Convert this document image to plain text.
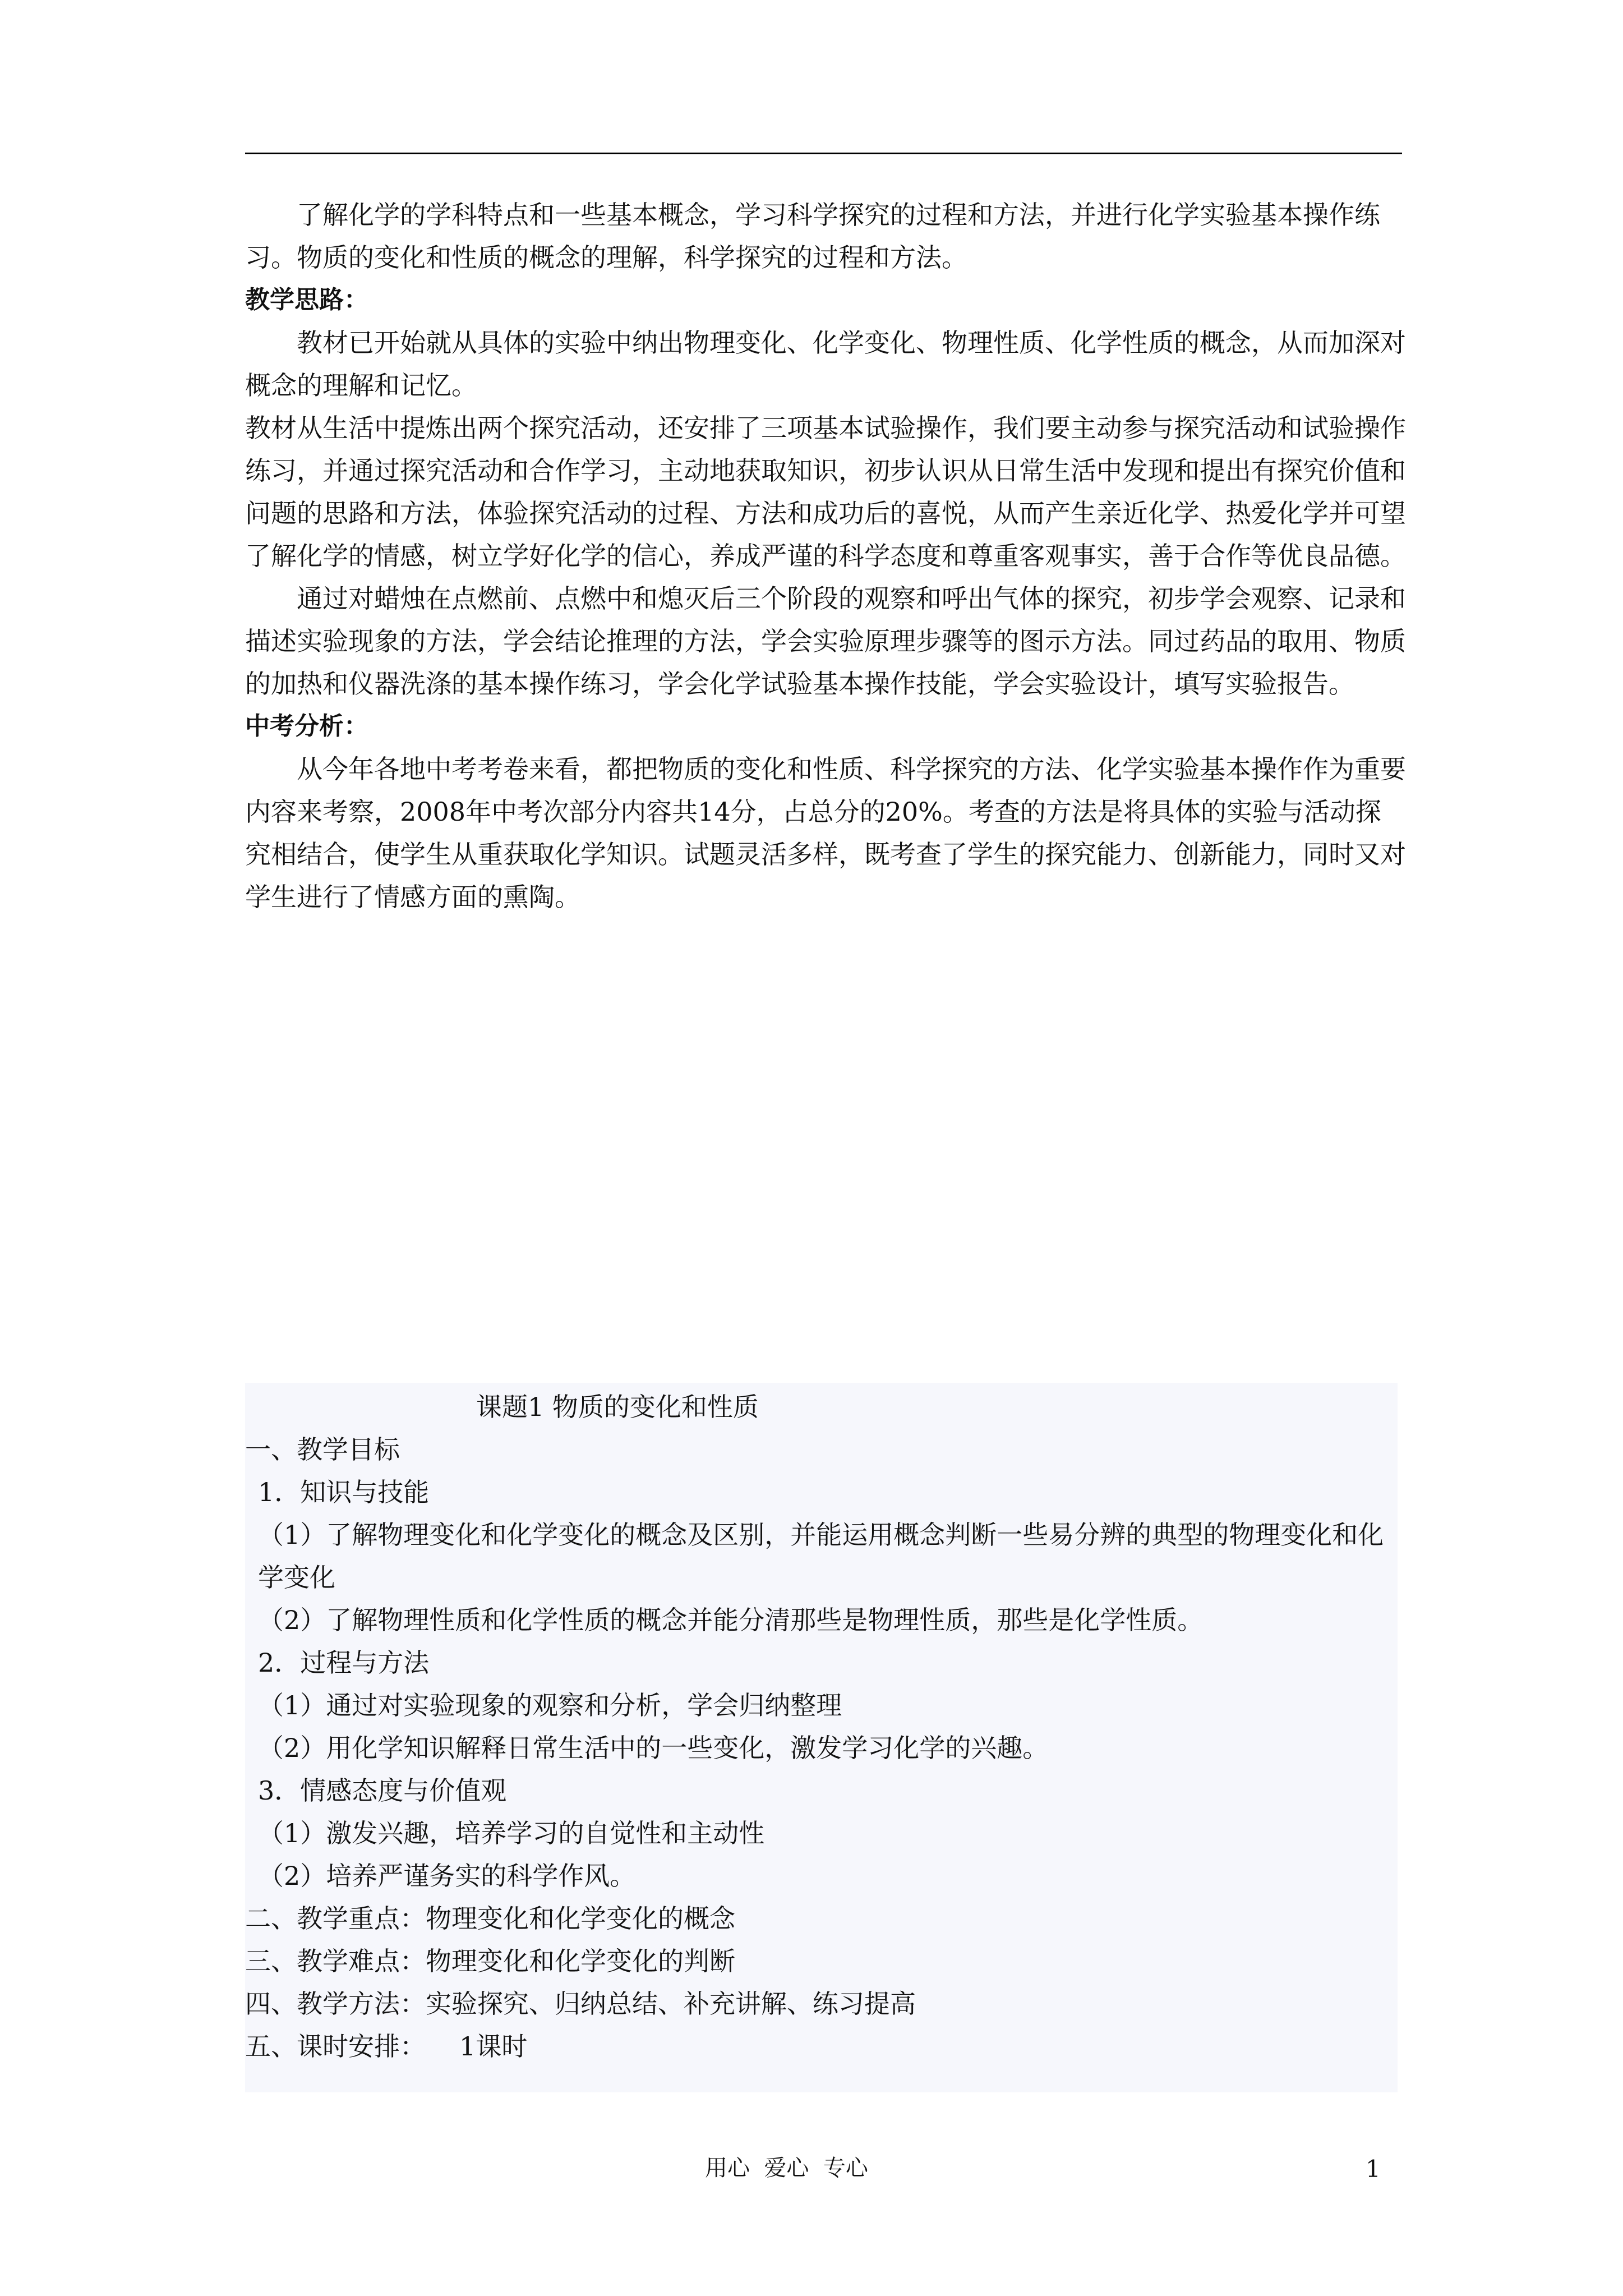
了解化学的学科特点和一些基本概念，学习科学探究的过程和方法，并进行化学实验基本操作练习。物质的变化和性质的概念的理解，科学探究的过程和方法。

教学思路：

教材已开始就从具体的实验中纳出物理变化、化学变化、物理性质、化学性质的概念，从而加深对概念的理解和记忆。

教材从生活中提炼出两个探究活动，还安排了三项基本试验操作，我们要主动参与探究活动和试验操作练习，并通过探究活动和合作学习，主动地获取知识，初步认识从日常生活中发现和提出有探究价值和问题的思路和方法，体验探究活动的过程、方法和成功后的喜悦，从而产生亲近化学、热爱化学并可望了解化学的情感，树立学好化学的信心，养成严谨的科学态度和尊重客观事实，善于合作等优良品德。

通过对蜡烛在点燃前、点燃中和熄灭后三个阶段的观察和呼出气体的探究，初步学会观察、记录和描述实验现象的方法，学会结论推理的方法，学会实验原理步骤等的图示方法。同过药品的取用、物质的加热和仪器洗涤的基本操作练习，学会化学试验基本操作技能，学会实验设计，填写实验报告。

中考分析：

从今年各地中考考卷来看，都把物质的变化和性质、科学探究的方法、化学实验基本操作作为重要内容来考察，2008年中考次部分内容共14分，占总分的20%。考查的方法是将具体的实验与活动探究相结合，使学生从重获取化学知识。试题灵活多样，既考查了学生的探究能力、创新能力，同时又对学生进行了情感方面的熏陶。

课题1 物质的变化和性质

一、教学目标

1．知识与技能

（1）了解物理变化和化学变化的概念及区别，并能运用概念判断一些易分辨的典型的物理变化和化学变化

（2）了解物理性质和化学性质的概念并能分清那些是物理性质，那些是化学性质。

2．过程与方法

（1）通过对实验现象的观察和分析，学会归纳整理

（2）用化学知识解释日常生活中的一些变化，激发学习化学的兴趣。

3．情感态度与价值观

（1）激发兴趣，培养学习的自觉性和主动性

（2）培养严谨务实的科学作风。

二、教学重点：物理变化和化学变化的概念

三、教学难点：物理变化和化学变化的判断

四、教学方法：实验探究、归纳总结、补充讲解、练习提高

五、课时安排： 1课时

用心  爱心  专心	1
